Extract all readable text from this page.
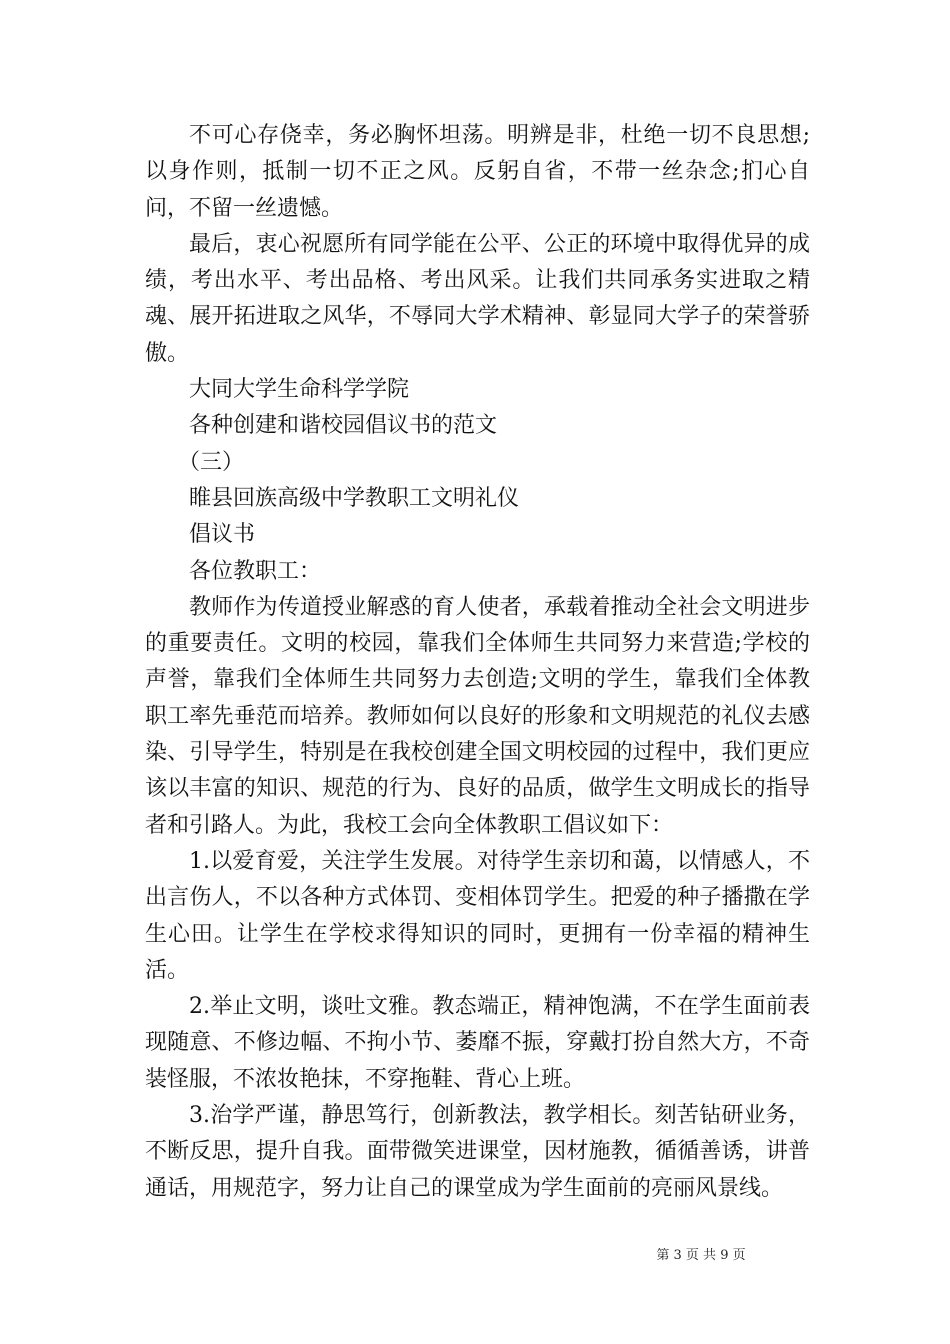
不可心存侥幸，务必胸怀坦荡。明辨是非，杜绝一切不良思想;以身作则，抵制一切不正之风。反躬自省，不带一丝杂念;扪心自问，不留一丝遗憾。

最后，衷心祝愿所有同学能在公平、公正的环境中取得优异的成绩，考出水平、考出品格、考出风采。让我们共同承务实进取之精魂、展开拓进取之风华，不辱同大学术精神、彰显同大学子的荣誉骄傲。

大同大学生命科学学院

各种创建和谐校园倡议书的范文

（三）

睢县回族高级中学教职工文明礼仪

倡议书

各位教职工：

教师作为传道授业解惑的育人使者，承载着推动全社会文明进步的重要责任。文明的校园，靠我们全体师生共同努力来营造;学校的声誉，靠我们全体师生共同努力去创造;文明的学生，靠我们全体教职工率先垂范而培养。教师如何以良好的形象和文明规范的礼仪去感染、引导学生，特别是在我校创建全国文明校园的过程中，我们更应该以丰富的知识、规范的行为、良好的品质，做学生文明成长的指导者和引路人。为此，我校工会向全体教职工倡议如下：

1.以爱育爱，关注学生发展。对待学生亲切和蔼，以情感人，不出言伤人，不以各种方式体罚、变相体罚学生。把爱的种子播撒在学生心田。让学生在学校求得知识的同时，更拥有一份幸福的精神生活。

2.举止文明，谈吐文雅。教态端正，精神饱满，不在学生面前表现随意、不修边幅、不拘小节、萎靡不振，穿戴打扮自然大方，不奇装怪服，不浓妆艳抹，不穿拖鞋、背心上班。

3.治学严谨，静思笃行，创新教法，教学相长。刻苦钻研业务，不断反思，提升自我。面带微笑进课堂，因材施教，循循善诱，讲普通话，用规范字，努力让自己的课堂成为学生面前的亮丽风景线。

第 3 页 共 9 页
